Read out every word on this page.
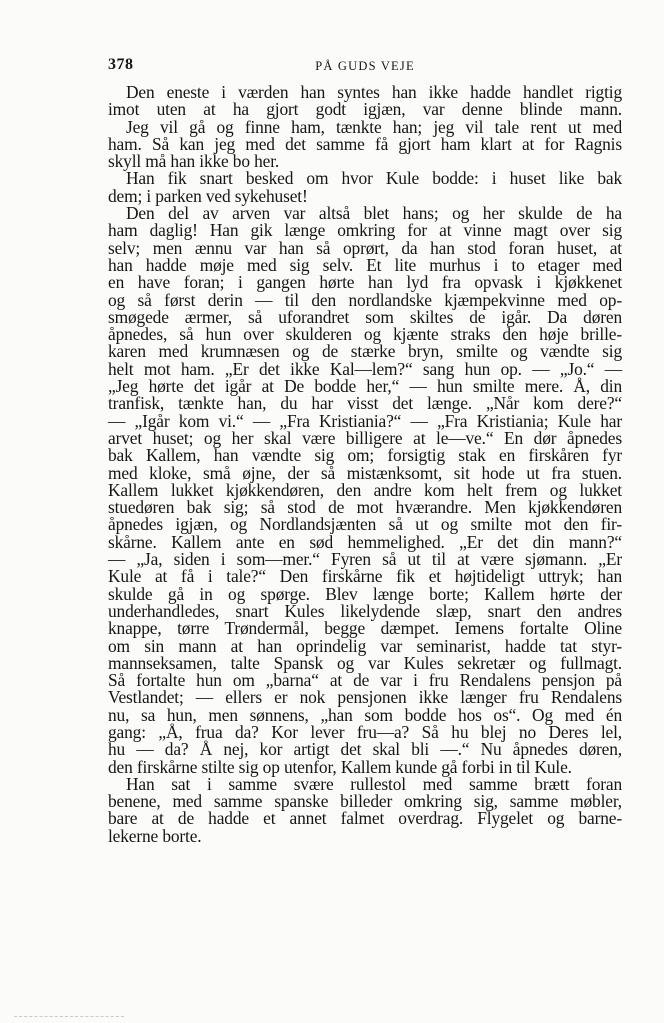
378	PÅ GUDS VEJE
Den eneste i værden han syntes han ikke hadde handlet rigtig
imot uten at ha gjort godt igjæn, var denne blinde mann.
Jeg vil gå og finne ham, tænkte han; jeg vil tale rent ut med
ham. Så kan jeg med det samme få gjort ham klart at for Ragnis
skyll må han ikke bo her.
Han fik snart besked om hvor Kule bodde: i huset like bak
dem; i parken ved sykehuset!
Den del av arven var altså blet hans; og her skulde de ha
ham daglig! Han gik længe omkring for at vinne magt over sig
selv; men ænnu var han så oprørt, da han stod foran huset, at
han hadde møje med sig selv. Et lite murhus i to etager med
en have foran; i gangen hørte han lyd fra opvask i kjøkkenet
og så først derin — til den nordlandske kjæmpekvinne med op-
smøgede ærmer, så uforandret som skiltes de igår. Da døren
åpnedes, så hun over skulderen og kjænte straks den høje brille-
karen med krumnæsen og de stærke bryn, smilte og vændte sig
helt mot ham. „Er det ikke Kal—lem?“ sang hun op. — „Jo.“ —
„Jeg hørte det igår at De bodde her,“ — hun smilte mere. Å, din
tranfisk, tænkte han, du har visst det længe. „Når kom dere?“
— „Igår kom vi.“ — „Fra Kristiania?“ — „Fra Kristiania; Kule har
arvet huset; og her skal være billigere at le—ve.“ En dør åpnedes
bak Kallem, han vændte sig om; forsigtig stak en firskåren fyr
med kloke, små øjne, der så mistænksomt, sit hode ut fra stuen.
Kallem lukket kjøkkendøren, den andre kom helt frem og lukket
stuedøren bak sig; så stod de mot hværandre. Men kjøkkendøren
åpnedes igjæn, og Nordlandsjænten så ut og smilte mot den fir-
skårne. Kallem ante en sød hemmelighed. „Er det din mann?“
— „Ja, siden i som—mer.“ Fyren så ut til at være sjømann. „Er
Kule at få i tale?“ Den firskårne fik et højtideligt uttryk; han
skulde gå in og spørge. Blev længe borte; Kallem hørte der
underhandledes, snart Kules likelydende slæp, snart den andres
knappe, tørre Trøndermål, begge dæmpet. Iemens fortalte Oline
om sin mann at han oprindelig var seminarist, hadde tat styr-
mannseksamen, talte Spansk og var Kules sekretær og fullmagt.
Så fortalte hun om „barna“ at de var i fru Rendalens pensjon på
Vestlandet; — ellers er nok pensjonen ikke længer fru Rendalens
nu, sa hun, men sønnens, „han som bodde hos os“. Og med én
gang: „Å, frua da? Kor lever fru—a? Så hu blej no Deres lel,
hu — da? Å nej, kor artigt det skal bli —.“ Nu åpnedes døren,
den firskårne stilte sig op utenfor, Kallem kunde gå forbi in til Kule.
Han sat i samme svære rullestol med samme brætt foran
benene, med samme spanske billeder omkring sig, samme møbler,
bare at de hadde et annet falmet overdrag. Flygelet og barne-
lekerne borte.
